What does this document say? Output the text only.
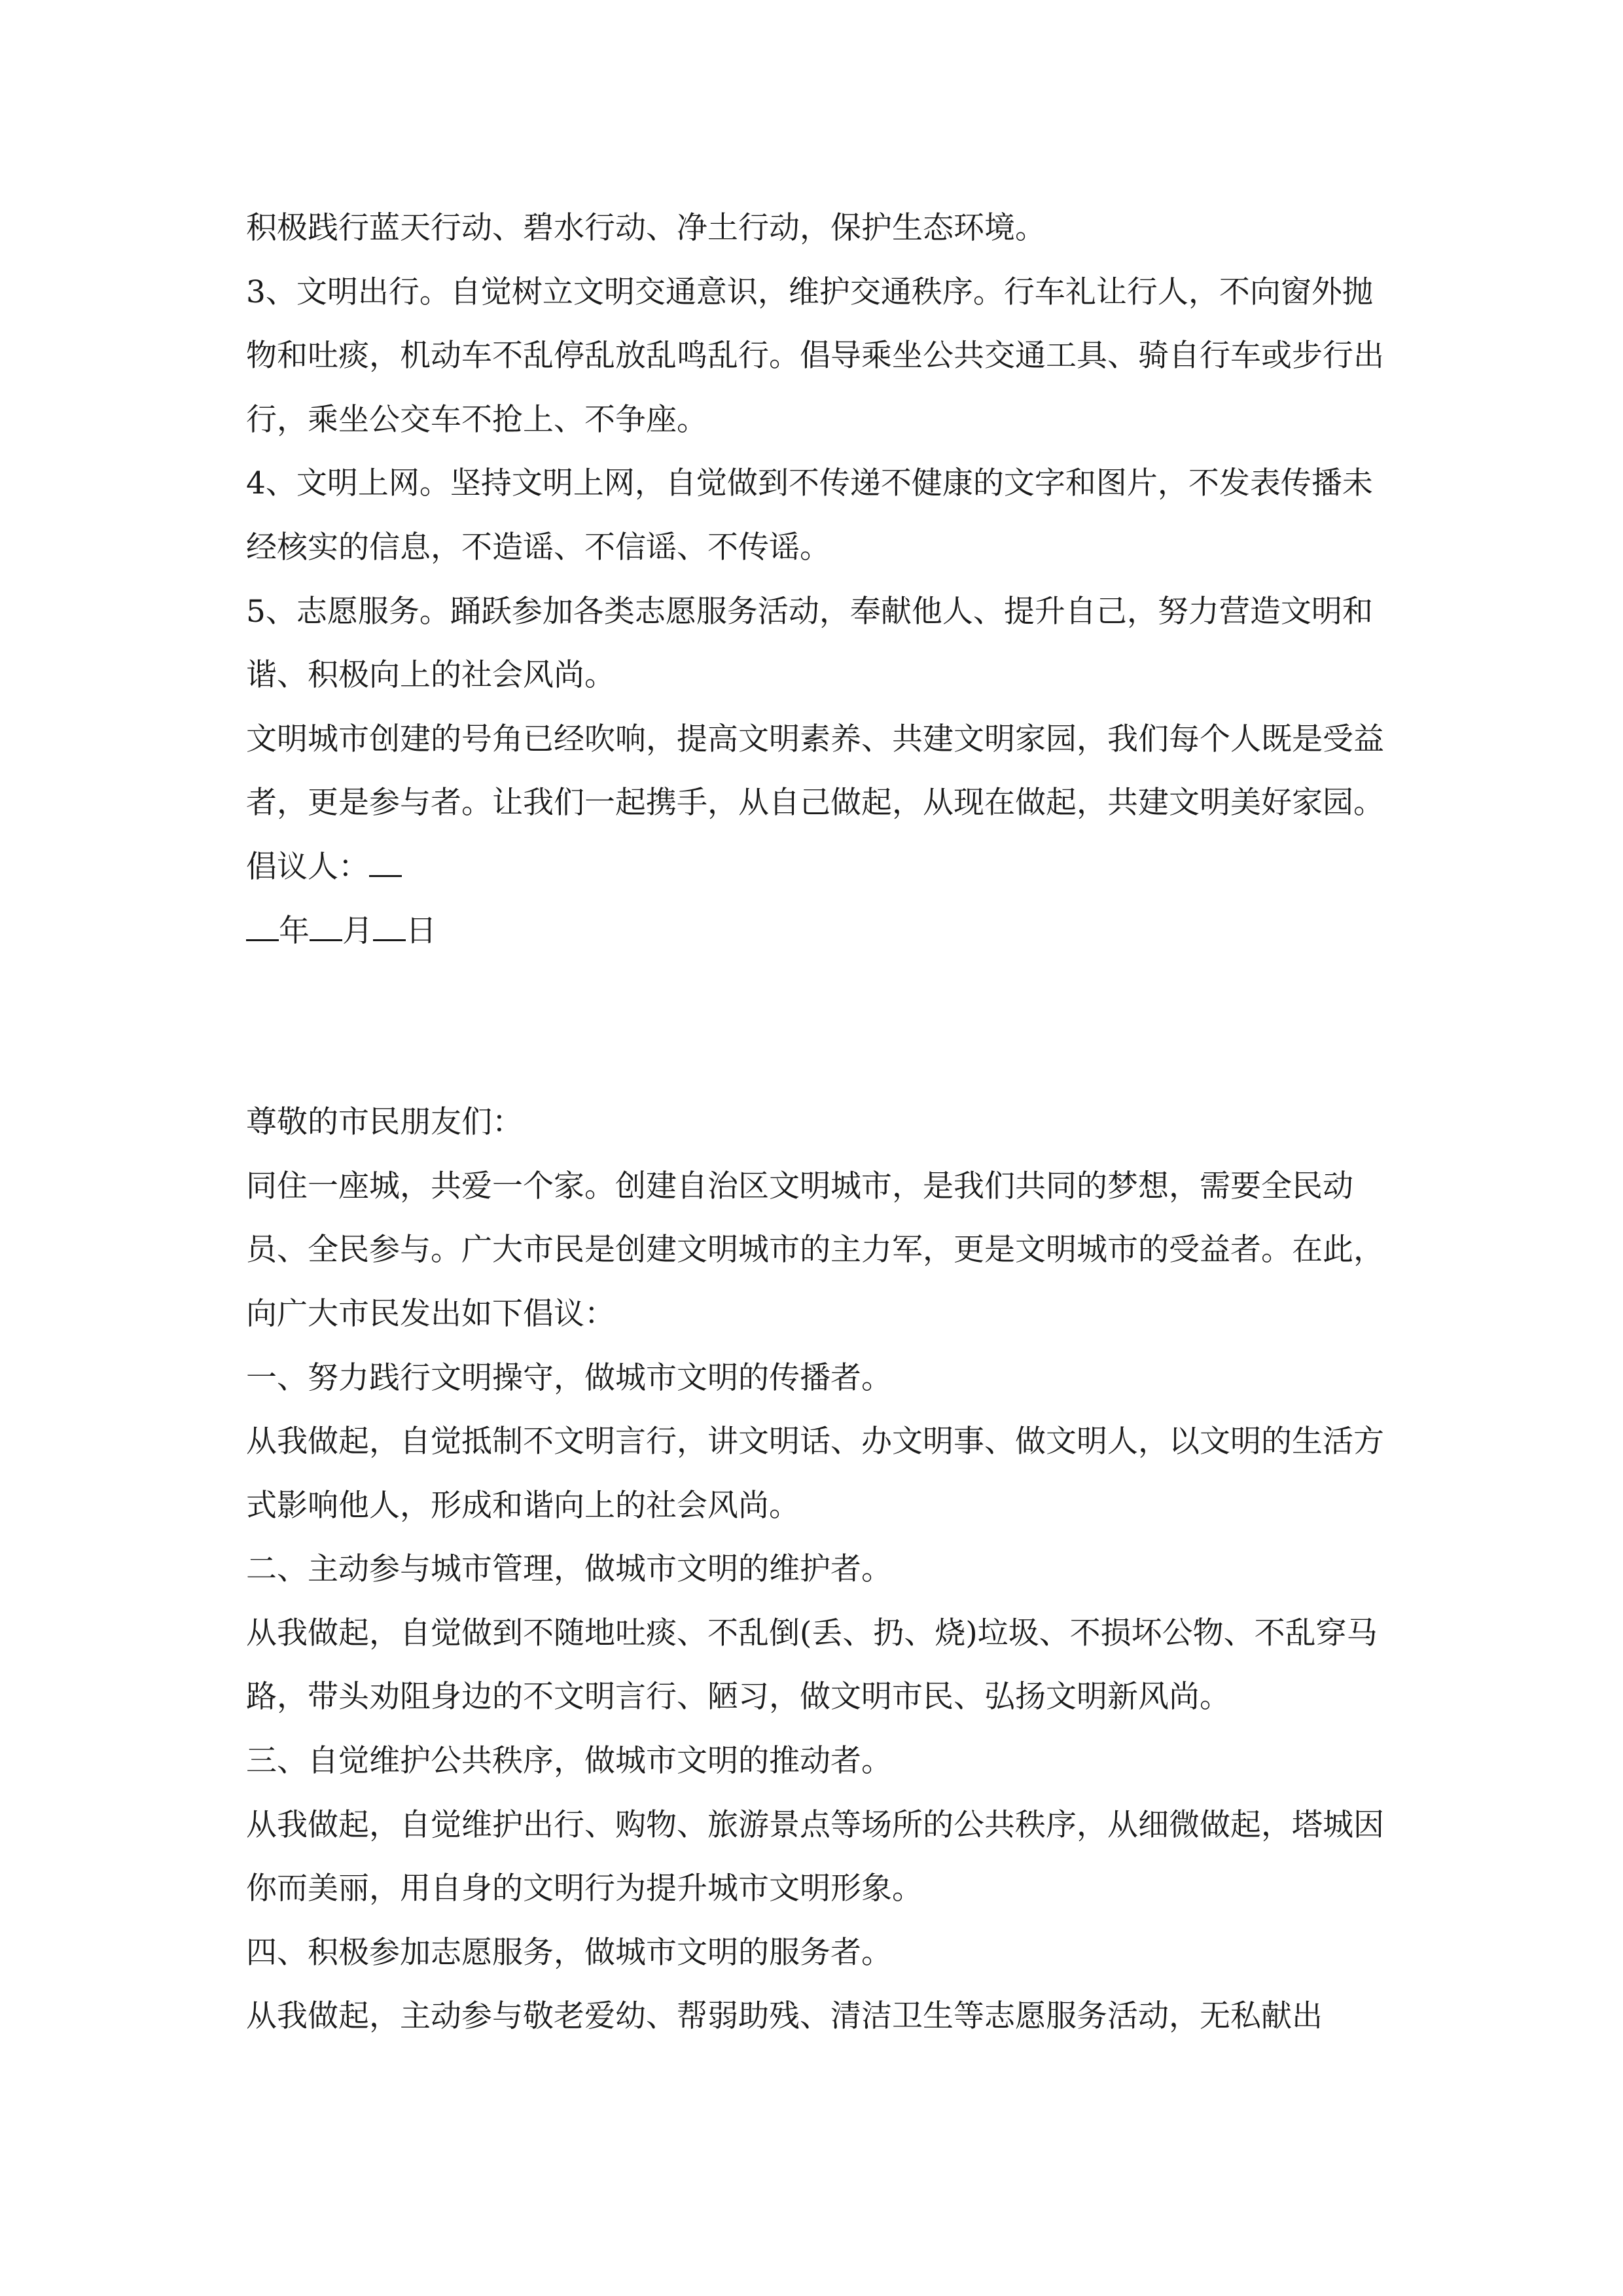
积极践行蓝天行动、碧水行动、净土行动，保护生态环境。

3、文明出行。自觉树立文明交通意识，维护交通秩序。行车礼让行人，不向窗外抛物和吐痰，机动车不乱停乱放乱鸣乱行。倡导乘坐公共交通工具、骑自行车或步行出行，乘坐公交车不抢上、不争座。

4、文明上网。坚持文明上网，自觉做到不传递不健康的文字和图片，不发表传播未经核实的信息，不造谣、不信谣、不传谣。

5、志愿服务。踊跃参加各类志愿服务活动，奉献他人、提升自己，努力营造文明和谐、积极向上的社会风尚。

文明城市创建的号角已经吹响，提高文明素养、共建文明家园，我们每个人既是受益者，更是参与者。让我们一起携手，从自己做起，从现在做起，共建文明美好家园。

倡议人：

年 月 日

尊敬的市民朋友们：

同住一座城，共爱一个家。创建自治区文明城市，是我们共同的梦想，需要全民动员、全民参与。广大市民是创建文明城市的主力军，更是文明城市的受益者。在此，向广大市民发出如下倡议：

一、努力践行文明操守，做城市文明的传播者。

从我做起，自觉抵制不文明言行，讲文明话、办文明事、做文明人，以文明的生活方式影响他人，形成和谐向上的社会风尚。

二、主动参与城市管理，做城市文明的维护者。

从我做起，自觉做到不随地吐痰、不乱倒(丢、扔、烧)垃圾、不损坏公物、不乱穿马路，带头劝阻身边的不文明言行、陋习，做文明市民、弘扬文明新风尚。

三、自觉维护公共秩序，做城市文明的推动者。

从我做起，自觉维护出行、购物、旅游景点等场所的公共秩序，从细微做起，塔城因你而美丽，用自身的文明行为提升城市文明形象。

四、积极参加志愿服务，做城市文明的服务者。

从我做起，主动参与敬老爱幼、帮弱助残、清洁卫生等志愿服务活动，无私献出
